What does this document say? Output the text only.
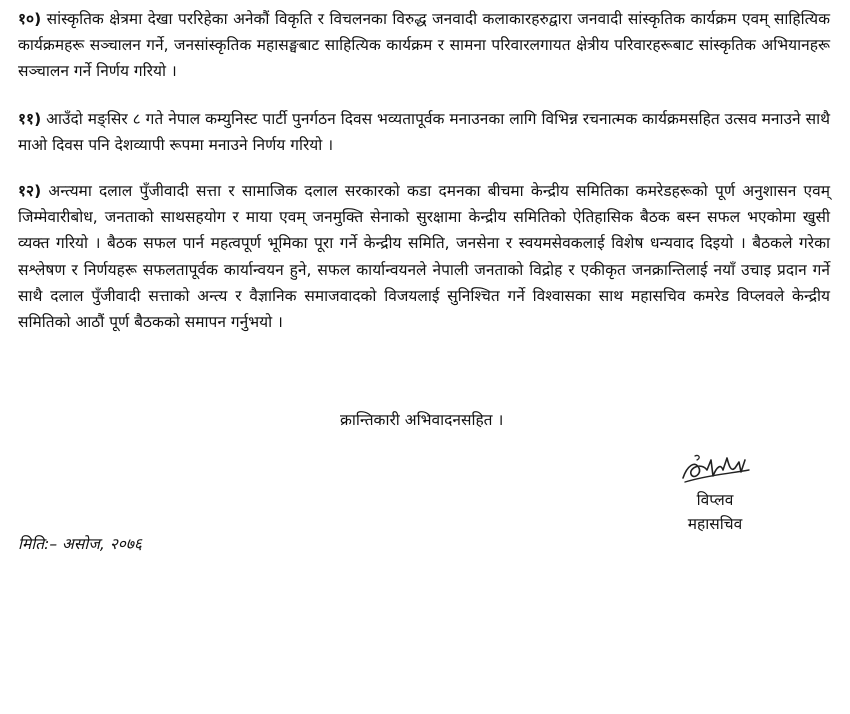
१०) सांस्कृतिक क्षेत्रमा देखा पररिहेका अनेकौं विकृति र विचलनका विरुद्ध जनवादी कलाकारहरुद्वारा जनवादी सांस्कृतिक कार्यक्रम एवम् साहित्यिक कार्यक्रमहरू सञ्चालन गर्ने, जनसांस्कृतिक महासङ्घबाट साहित्यिक कार्यक्रम र सामना परिवारलगायत क्षेत्रीय परिवारहरूबाट सांस्कृतिक अभियानहरू सञ्चालन गर्ने निर्णय गरियो ।

११) आउँदो मङ्सिर ८ गते नेपाल कम्युनिस्ट पार्टी पुनर्गठन दिवस भव्यतापूर्वक मनाउनका लागि विभिन्न रचनात्मक कार्यक्रमसहित उत्सव मनाउने साथै माओ दिवस पनि देशव्यापी रूपमा मनाउने निर्णय गरियो ।

१२) अन्त्यमा दलाल पुँजीवादी सत्ता र सामाजिक दलाल सरकारको कडा दमनका बीचमा केन्द्रीय समितिका कमरेडहरूको पूर्ण अनुशासन एवम् जिम्मेवारीबोध, जनताको साथसहयोग र माया एवम् जनमुक्ति सेनाको सुरक्षामा केन्द्रीय समितिको ऐतिहासिक बैठक बस्न सफल भएकोमा खुसी व्यक्त गरियो । बैठक सफल पार्न महत्वपूर्ण भूमिका पूरा गर्ने केन्द्रीय समिति, जनसेना र स्वयमसेवकलाई विशेष धन्यवाद दिइयो । बैठकले गरेका सश्लेषण र निर्णयहरू सफलतापूर्वक कार्यान्वयन हुने, सफल कार्यान्वयनले नेपाली जनताको विद्रोह र एकीकृत जनक्रान्तिलाई नयाँ उचाइ प्रदान गर्ने साथै दलाल पुँजीवादी सत्ताको अन्त्य र वैज्ञानिक समाजवादको विजयलाई सुनिश्चित गर्ने विश्वासका साथ महासचिव कमरेड विप्लवले केन्द्रीय समितिको आठौं पूर्ण बैठकको समापन गर्नुभयो ।

क्रान्तिकारी अभिवादनसहित ।

विप्लव
महासचिव

मिति:– असोज, २०७६
